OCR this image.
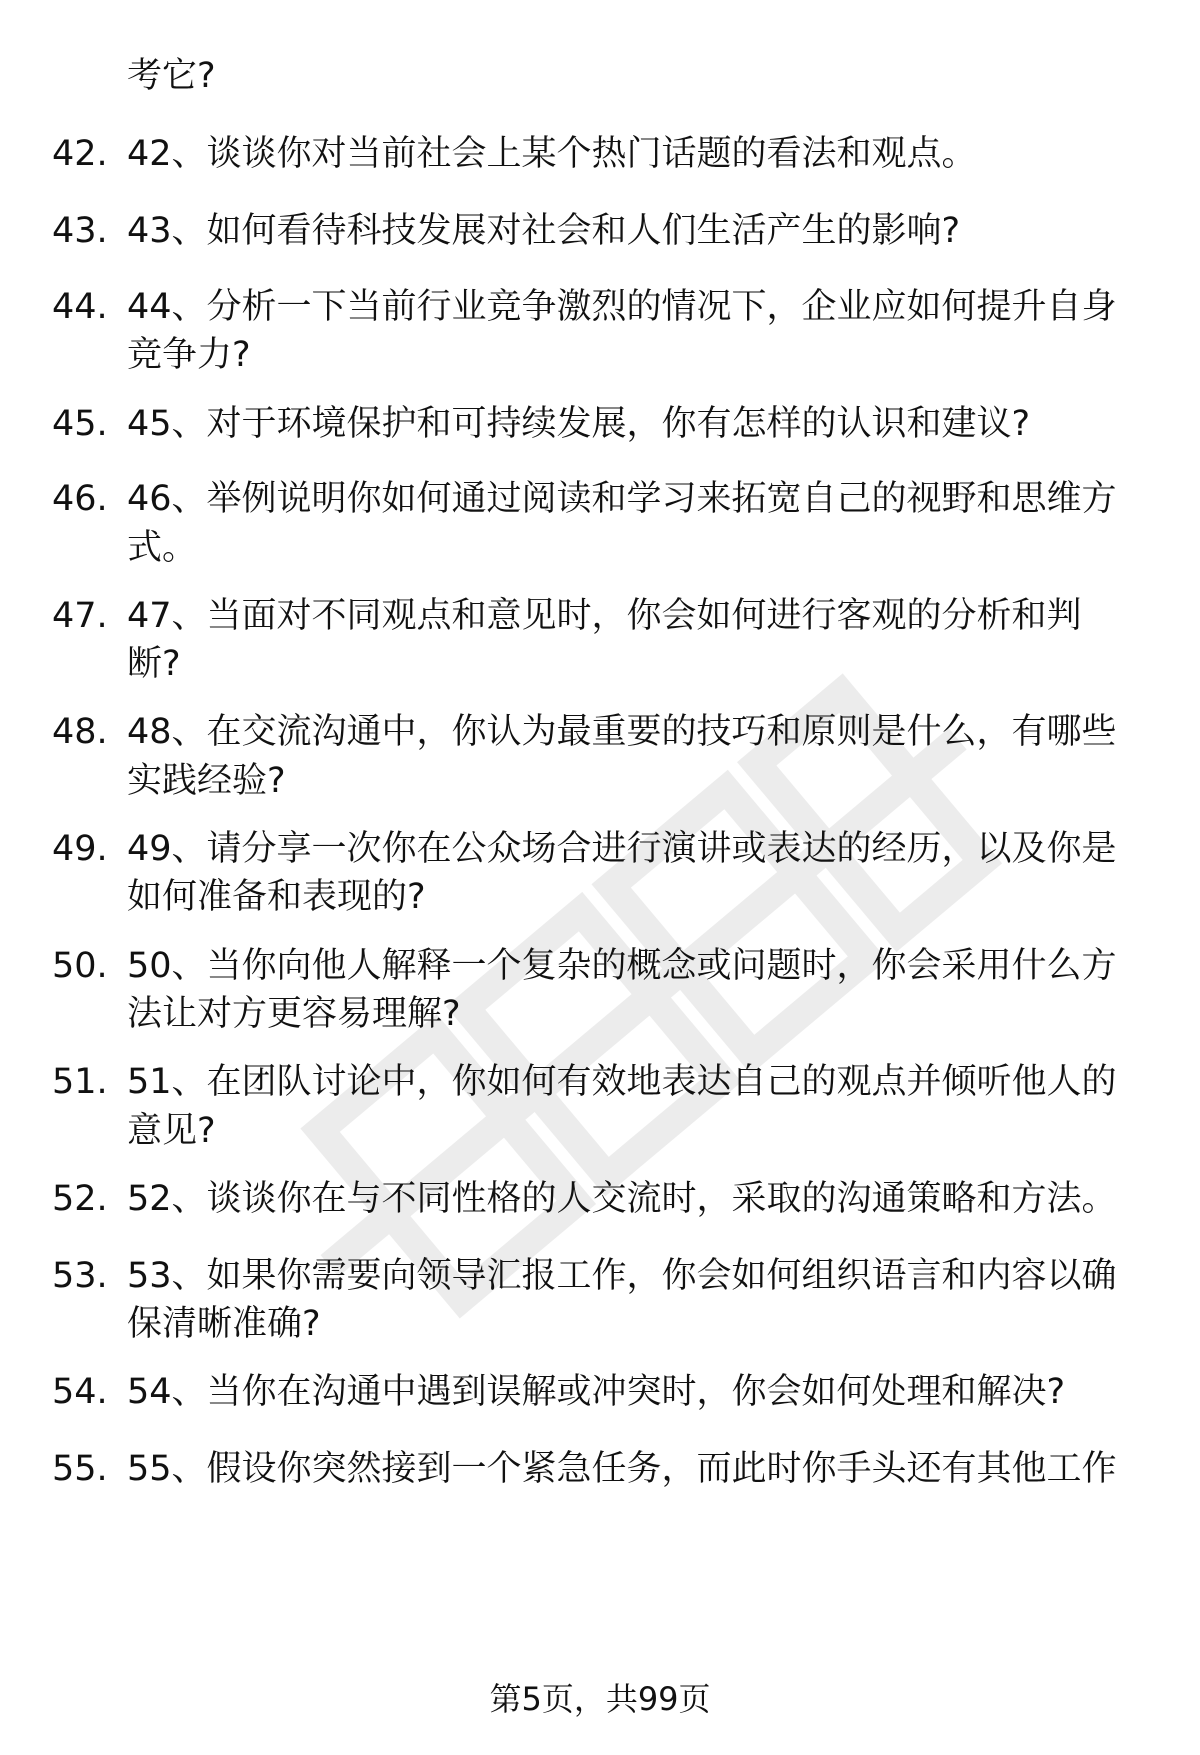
考它?
42. 42、谈谈你对当前社会上某个热门话题的看法和观点。
43. 43、如何看待科技发展对社会和人们生活产生的影响?
44. 44、分析一下当前行业竞争激烈的情况下，企业应如何提升自身
竞争力?
45. 45、对于环境保护和可持续发展，你有怎样的认识和建议?
46. 46、举例说明你如何通过阅读和学习来拓宽自己的视野和思维方
式。
47. 47、当面对不同观点和意见时，你会如何进行客观的分析和判
断?
48. 48、在交流沟通中，你认为最重要的技巧和原则是什么，有哪些
实践经验?
49. 49、请分享一次你在公众场合进行演讲或表达的经历，以及你是
如何准备和表现的?
50. 50、当你向他人解释一个复杂的概念或问题时，你会采用什么方
法让对方更容易理解?
51. 51、在团队讨论中，你如何有效地表达自己的观点并倾听他人的
意见?
52. 52、谈谈你在与不同性格的人交流时，采取的沟通策略和方法。
53. 53、如果你需要向领导汇报工作，你会如何组织语言和内容以确
保清晰准确?
54. 54、当你在沟通中遇到误解或冲突时，你会如何处理和解决?
55. 55、假设你突然接到一个紧急任务，而此时你手头还有其他工作
第5页，共99页
